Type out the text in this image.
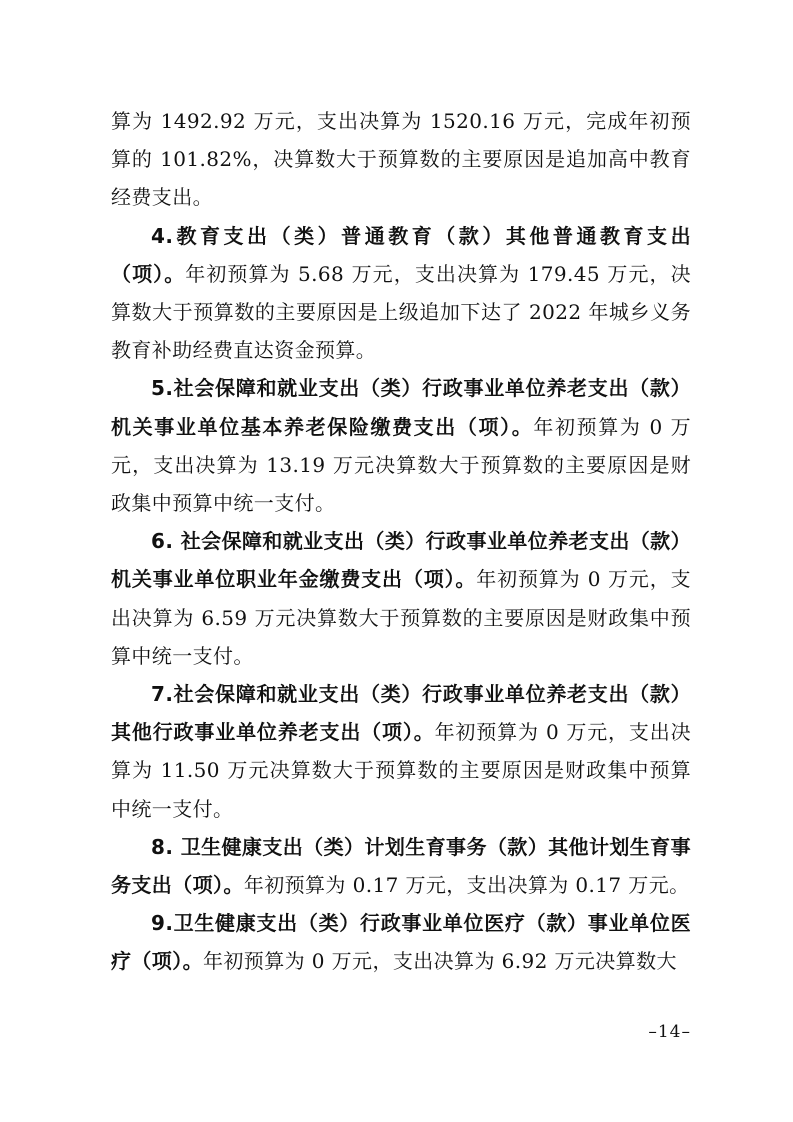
算为 1492.92 万元，支出决算为 1520.16 万元，完成年初预算的 101.82%，决算数大于预算数的主要原因是追加高中教育经费支出。

4.教育支出（类）普通教育（款）其他普通教育支出（项）。年初预算为 5.68 万元，支出决算为 179.45 万元，决算数大于预算数的主要原因是上级追加下达了 2022 年城乡义务教育补助经费直达资金预算。

5.社会保障和就业支出（类）行政事业单位养老支出（款）机关事业单位基本养老保险缴费支出（项）。年初预算为 0 万元，支出决算为 13.19 万元决算数大于预算数的主要原因是财政集中预算中统一支付。

6. 社会保障和就业支出（类）行政事业单位养老支出（款）机关事业单位职业年金缴费支出（项）。年初预算为 0 万元，支出决算为 6.59 万元决算数大于预算数的主要原因是财政集中预算中统一支付。

7.社会保障和就业支出（类）行政事业单位养老支出（款）其他行政事业单位养老支出（项）。年初预算为 0 万元，支出决算为 11.50 万元决算数大于预算数的主要原因是财政集中预算中统一支付。

8. 卫生健康支出（类）计划生育事务（款）其他计划生育事务支出（项）。年初预算为 0.17 万元，支出决算为 0.17 万元。

9.卫生健康支出（类）行政事业单位医疗（款）事业单位医疗（项）。年初预算为 0 万元，支出决算为 6.92 万元决算数大

–14–
